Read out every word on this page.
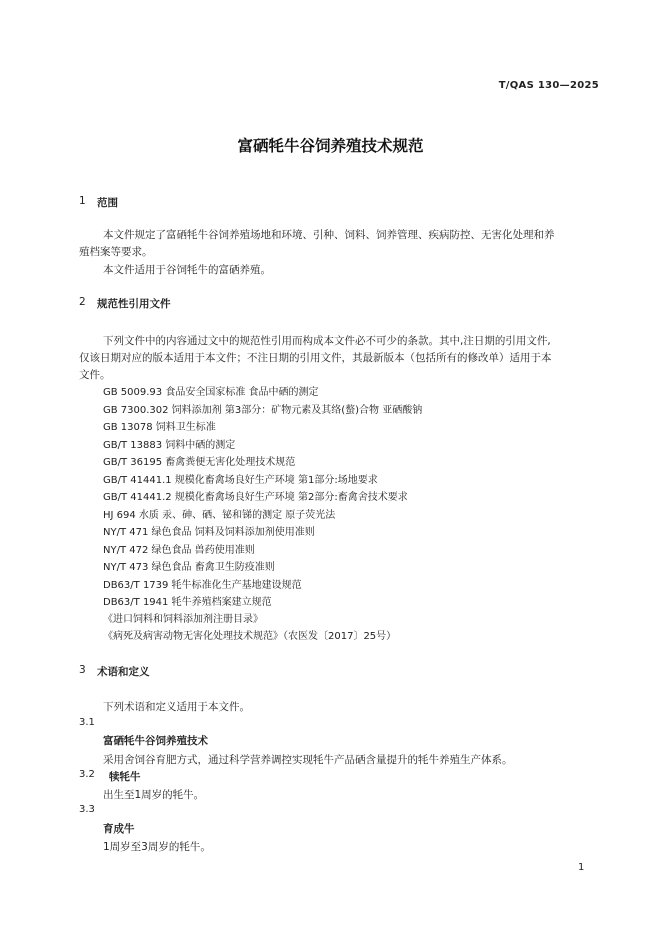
T/QAS 130—2025
富硒牦牛谷饲养殖技术规范
1 范围
本文件规定了富硒牦牛谷饲养殖场地和环境、引种、饲料、饲养管理、疾病防控、无害化处理和养
殖档案等要求。
本文件适用于谷饲牦牛的富硒养殖。
2 规范性引用文件
下列文件中的内容通过文中的规范性引用而构成本文件必不可少的条款。其中,注日期的引用文件,
仅该日期对应的版本适用于本文件；不注日期的引用文件，其最新版本（包括所有的修改单）适用于本
文件。
GB 5009.93 食品安全国家标准 食品中硒的测定
GB 7300.302 饲料添加剂 第3部分：矿物元素及其络(螯)合物 亚硒酸钠
GB 13078 饲料卫生标准
GB/T 13883 饲料中硒的测定
GB/T 36195 畜禽粪便无害化处理技术规范
GB/T 41441.1 规模化畜禽场良好生产环境 第1部分:场地要求
GB/T 41441.2 规模化畜禽场良好生产环境 第2部分:畜禽舍技术要求
HJ 694 水质 汞、砷、硒、铋和锑的测定 原子荧光法
NY/T 471 绿色食品 饲料及饲料添加剂使用准则
NY/T 472 绿色食品 兽药使用准则
NY/T 473 绿色食品 畜禽卫生防疫准则
DB63/T 1739 牦牛标准化生产基地建设规范
DB63/T 1941 牦牛养殖档案建立规范
《进口饲料和饲料添加剂注册目录》
《病死及病害动物无害化处理技术规范》（农医发〔2017〕25号）
3 术语和定义
下列术语和定义适用于本文件。
3.1
富硒牦牛谷饲养殖技术
采用舍饲谷育肥方式，通过科学营养调控实现牦牛产品硒含量提升的牦牛养殖生产体系。
3.2 犊牦牛
出生至1周岁的牦牛。
3.3
育成牛
1周岁至3周岁的牦牛。
1
